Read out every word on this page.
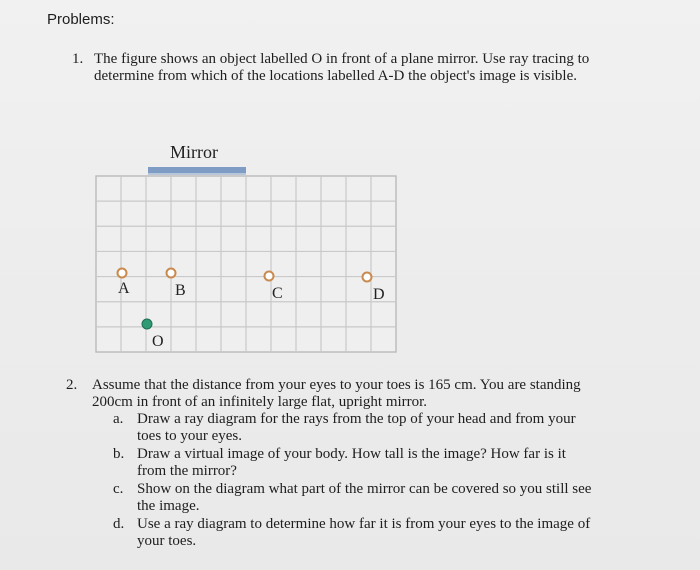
Problems:
1. The figure shows an object labelled O in front of a plane mirror. Use ray tracing to determine from which of the locations labelled A-D the object's image is visible.
Mirror
A	B	C	D
O
2. Assume that the distance from your eyes to your toes is 165 cm. You are standing 200cm in front of an infinitely large flat, upright mirror.
a. Draw a ray diagram for the rays from the top of your head and from your toes to your eyes.
b. Draw a virtual image of your body. How tall is the image? How far is it from the mirror?
c. Show on the diagram what part of the mirror can be covered so you still see the image.
d. Use a ray diagram to determine how far it is from your eyes to the image of your toes.
